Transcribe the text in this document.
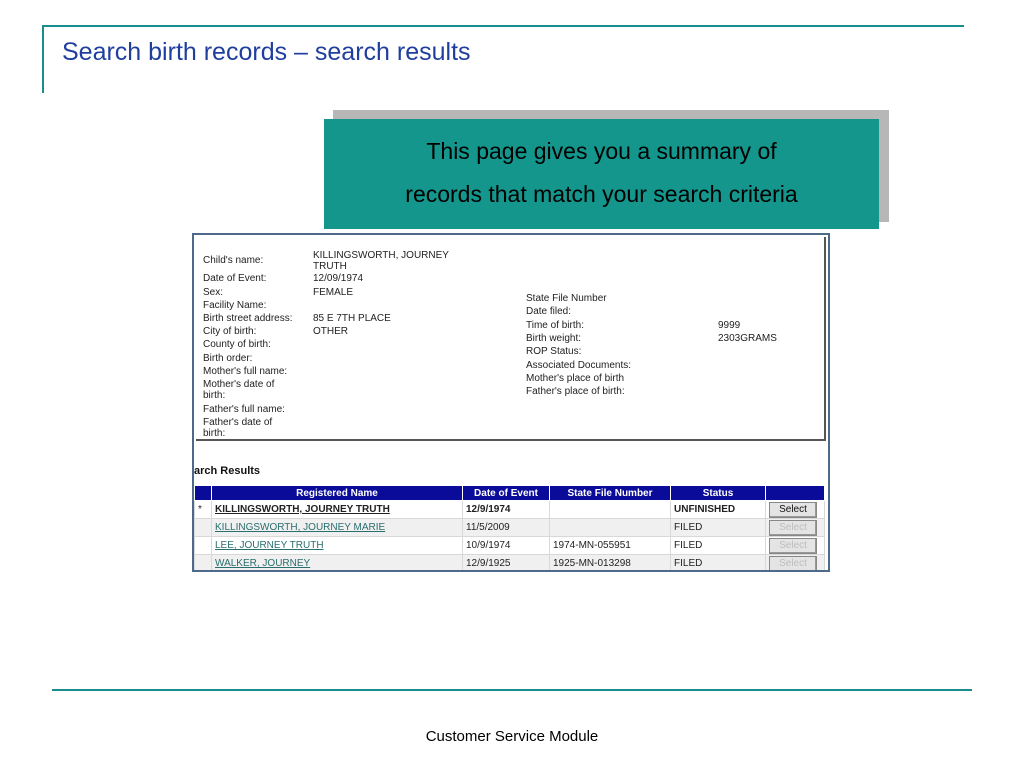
Search birth records – search results
This page gives you a summary of
records that match your search criteria
Child's name:	KILLINGSWORTH, JOURNEY TRUTH
Date of Event:	12/09/1974
Sex:	FEMALE
Facility Name:
Birth street address: 85 E 7TH PLACE
City of birth:	OTHER
County of birth:
Birth order:
Mother's full name:
Mother's date of birth:
Father's full name:
Father's date of birth:
State File Number
Date filed:
Time of birth:	9999
Birth weight:	2303GRAMS
ROP Status:
Associated Documents:
Mother's place of birth
Father's place of birth:
arch Results
	Registered Name	Date of Event	State File Number	Status	
*	KILLINGSWORTH, JOURNEY TRUTH	12/9/1974		UNFINISHED	Select
	KILLINGSWORTH, JOURNEY MARIE	11/5/2009		FILED	Select
	LEE, JOURNEY TRUTH	10/9/1974	1974-MN-055951	FILED	Select
	WALKER, JOURNEY	12/9/1925	1925-MN-013298	FILED	Select
Customer Service Module
